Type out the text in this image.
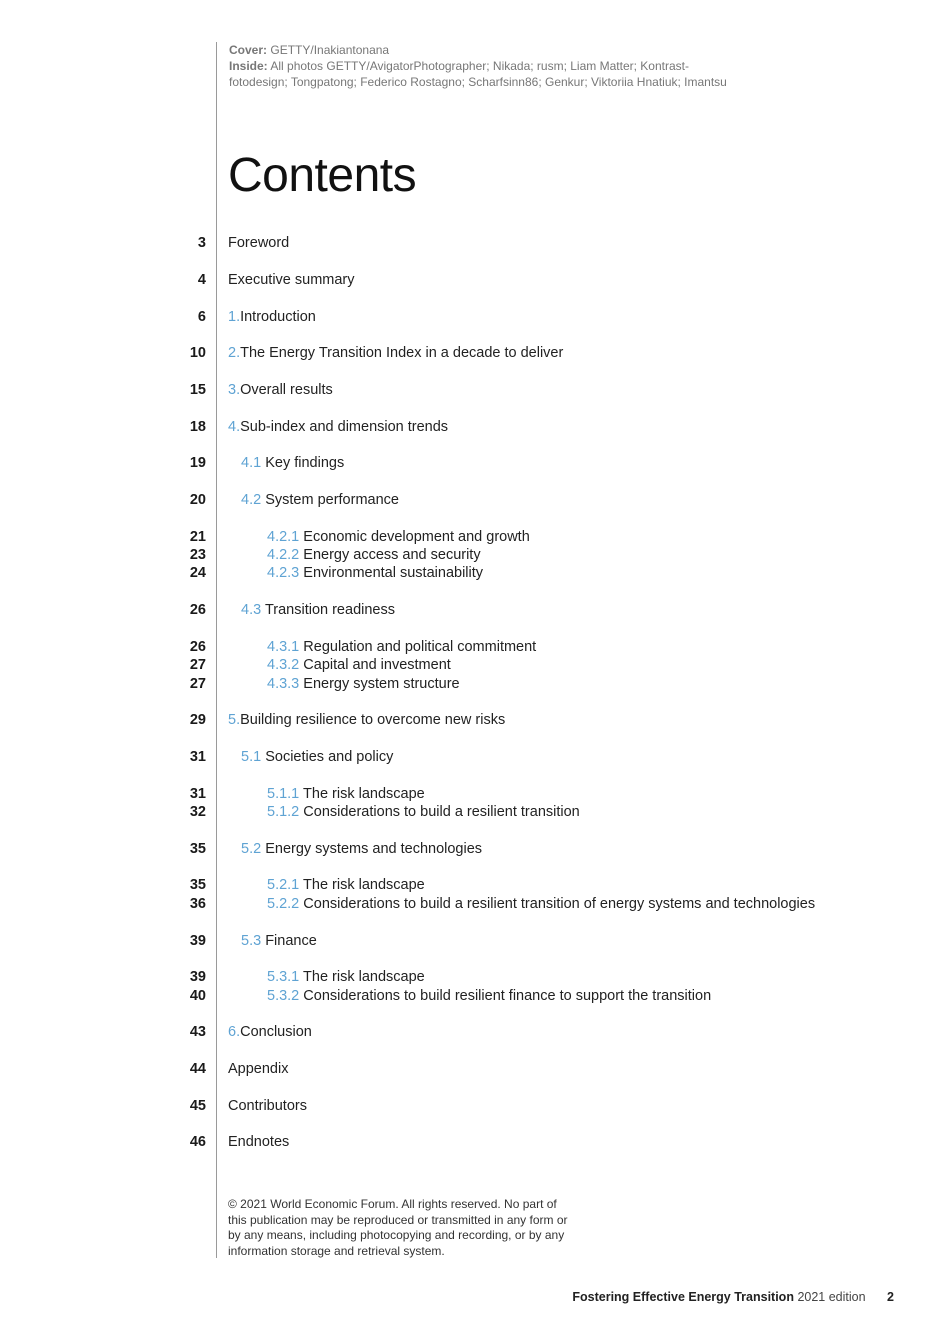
Cover: GETTY/Inakiantonana

Inside: All photos GETTY/AvigatorPhotographer; Nikada; rusm; Liam Matter; Kontrast-

fotodesign; Tongpatong; Federico Rostagno; Scharfsinn86; Genkur; Viktoriia Hnatiuk; Imantsu

Contents
3 Foreword
4 Executive summary
6 1.Introduction
10 2.The Energy Transition Index in a decade to deliver
15 3.Overall results
18 4.Sub-index and dimension trends
19 4.1 Key findings
20 4.2 System performance
21	4.2.1 Economic development and growth
23	4.2.2 Energy access and security
24	4.2.3 Environmental sustainability
26 4.3 Transition readiness
26	4.3.1 Regulation and political commitment
27	4.3.2 Capital and investment
27	4.3.3 Energy system structure
29 5.Building resilience to overcome new risks
31 5.1 Societies and policy
31	5.1.1 The risk landscape
32	5.1.2 Considerations to build a resilient transition
35 5.2 Energy systems and technologies
35	5.2.1 The risk landscape
36	5.2.2 Considerations to build a resilient transition of energy systems and technologies
39 5.3 Finance
39	5.3.1 The risk landscape
40	5.3.2 Considerations to build resilient finance to support the transition
43 6.Conclusion
44 Appendix
45 Contributors
46 Endnotes

© 2021 World Economic Forum. All rights reserved. No part of this publication may be reproduced or transmitted in any form or by any means, including photocopying and recording, or by any information storage and retrieval system.

Fostering Effective Energy Transition 2021 edition 2
